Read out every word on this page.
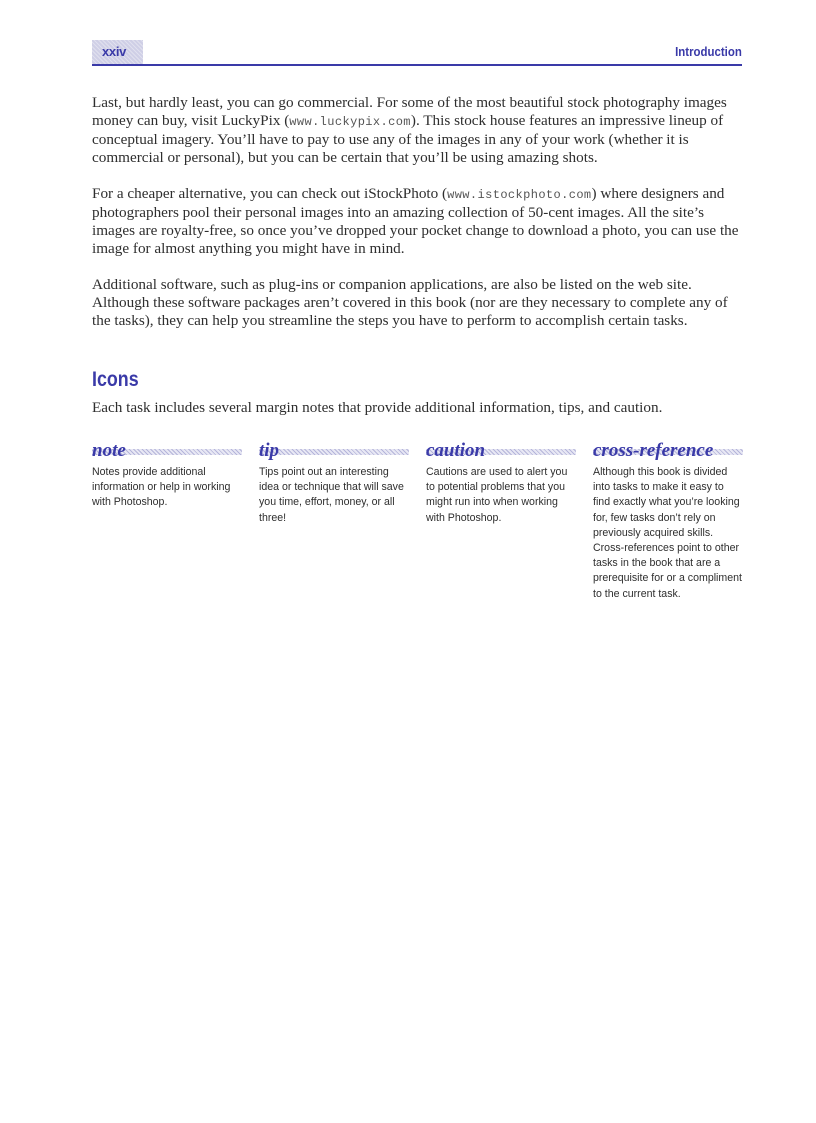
xxiv	Introduction

Last, but hardly least, you can go commercial. For some of the most beautiful stock photography images money can buy, visit LuckyPix (www.luckypix.com). This stock house features an impressive lineup of conceptual imagery. You’ll have to pay to use any of the images in any of your work (whether it is commercial or personal), but you can be certain that you’ll be using amazing shots.

For a cheaper alternative, you can check out iStockPhoto (www.istockphoto.com) where designers and photographers pool their personal images into an amazing collection of 50-cent images. All the site’s images are royalty-free, so once you’ve dropped your pocket change to download a photo, you can use the image for almost anything you might have in mind.

Additional software, such as plug-ins or companion applications, are also be listed on the web site. Although these software packages aren’t covered in this book (nor are they necessary to complete any of the tasks), they can help you streamline the steps you have to perform to accomplish certain tasks.

Icons
Each task includes several margin notes that provide additional information, tips, and caution.
note
Notes provide additional information or help in working with Photoshop.
tip
Tips point out an interesting idea or technique that will save you time, effort, money, or all three!
caution
Cautions are used to alert you to potential problems that you might run into when working with Photoshop.
cross-reference
Although this book is divided into tasks to make it easy to find exactly what you’re looking for, few tasks don’t rely on previously acquired skills. Cross-references point to other tasks in the book that are a prerequisite for or a compliment to the current task.
